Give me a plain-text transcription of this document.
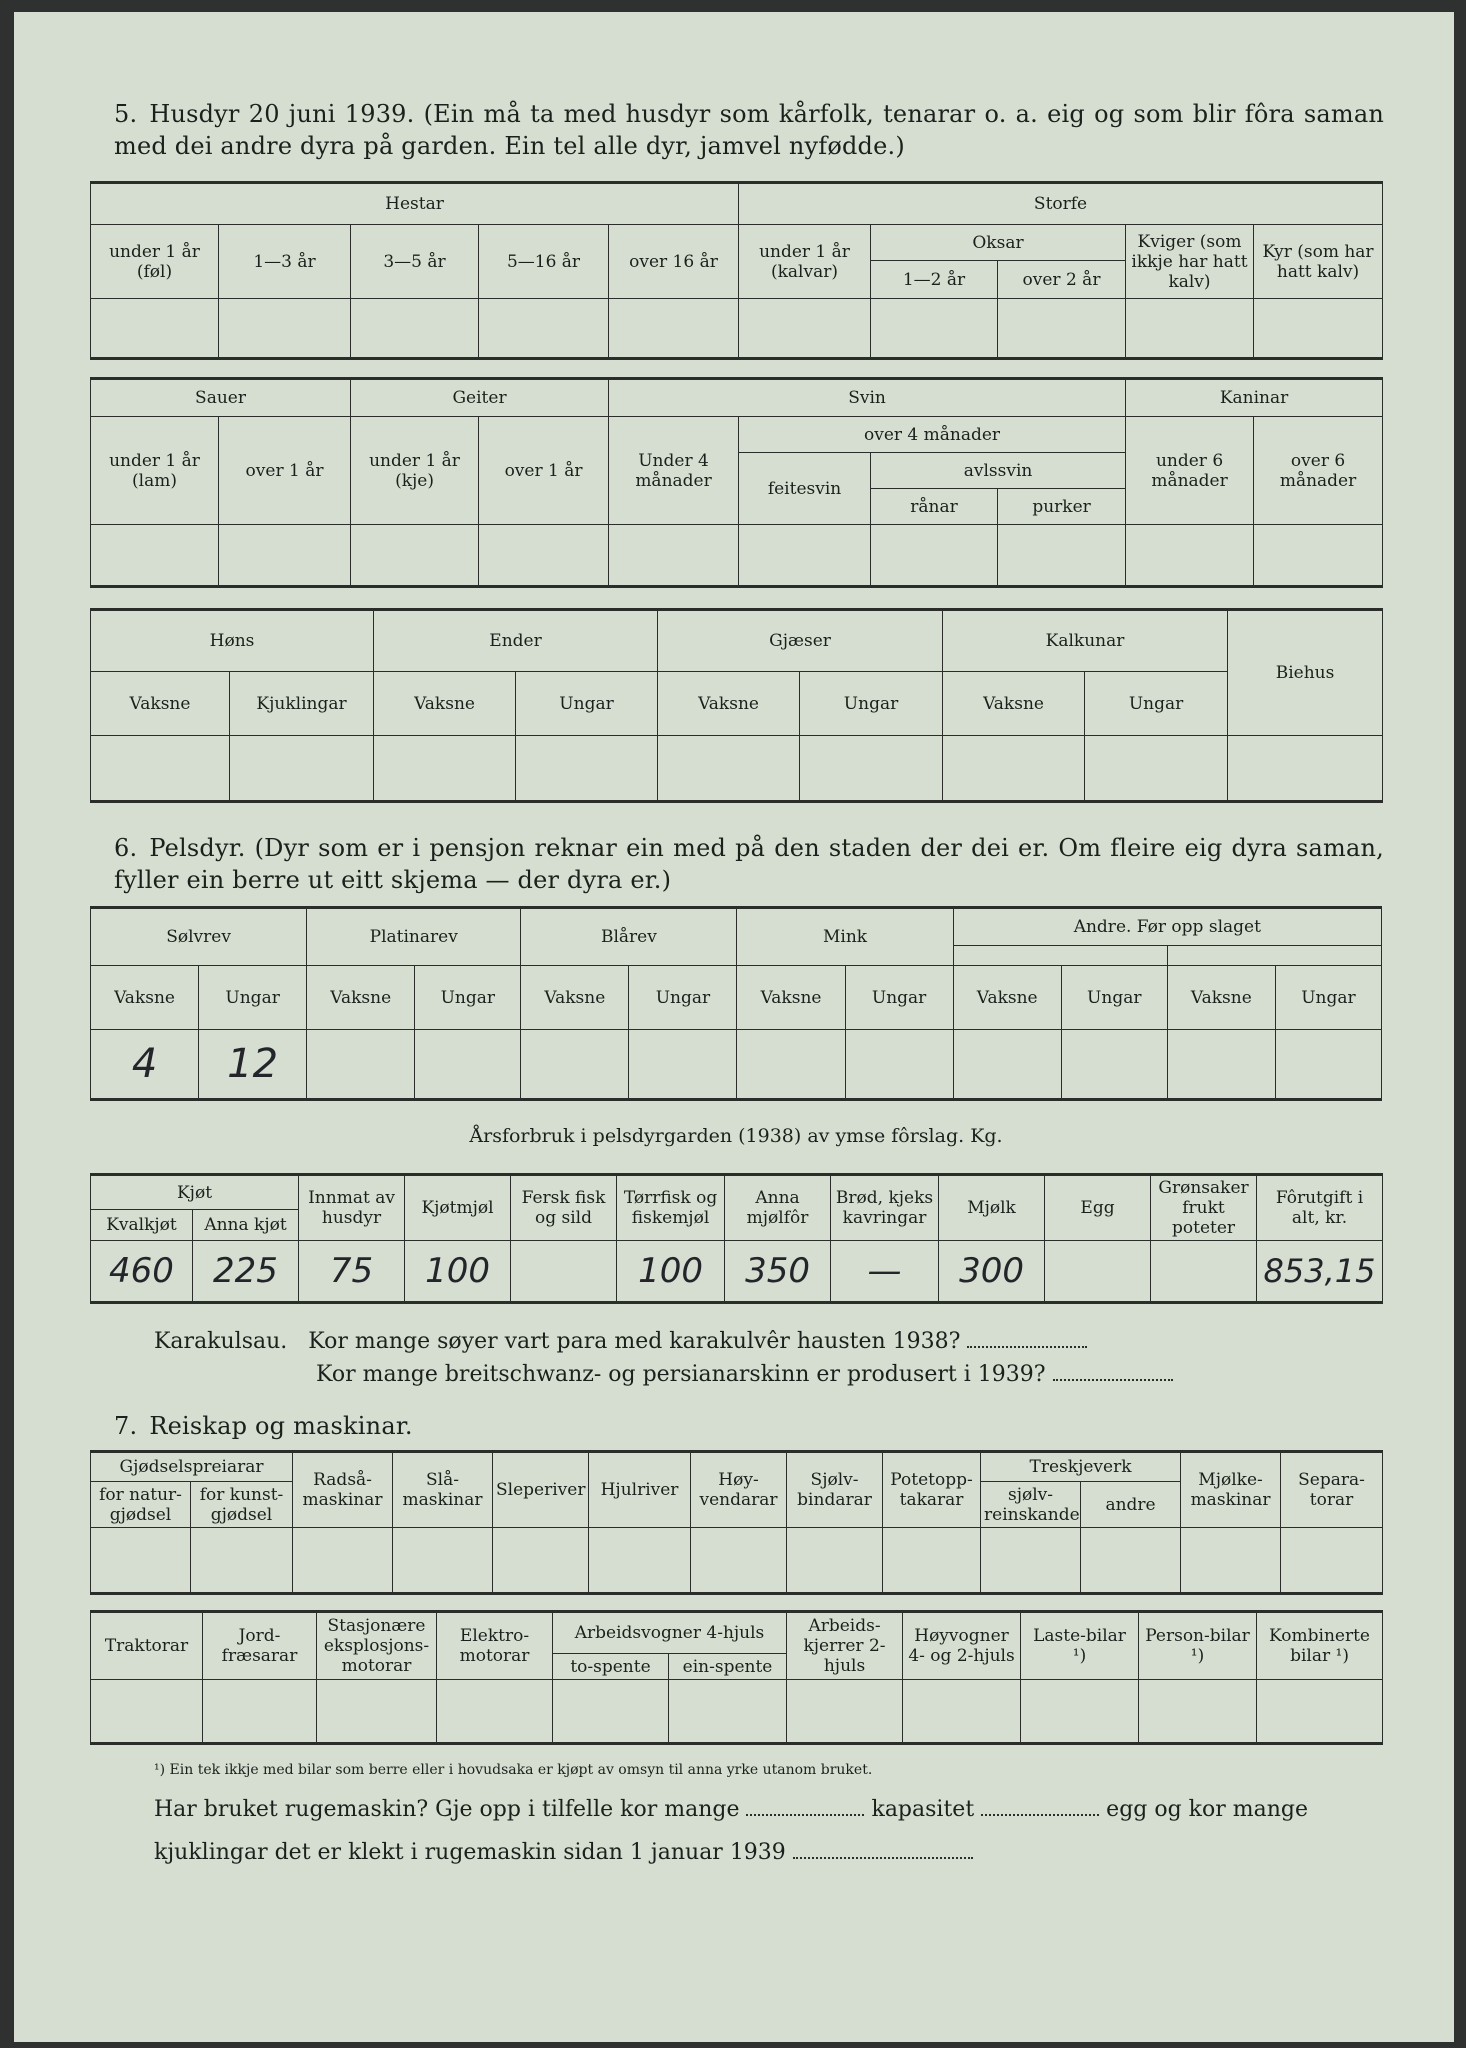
5. Husdyr 20 juni 1939. (Ein må ta med husdyr som kårfolk, tenarar o. a. eig og som blir fôra saman med dei andre dyra på garden. Ein tel alle dyr, jamvel nyfødde.)
Hestar					Storfe				
under 1 år (føl)	1—3 år	3—5 år	5—16 år	over 16 år	under 1 år (kalvar)	Oksar		Kviger (som ikkje har hatt kalv)	Kyr (som har hatt kalv)
						1—2 år	over 2 år		

Sauer		Geiter		Svin				Kaninar	
under 1 år (lam)	over 1 år	under 1 år (kje)	over 1 år	Under 4 månader	over 4 månader			under 6 månader	over 6 månader
					feitesvin	avlssvin			
						rånar	purker		

Høns		Ender		Gjæser		Kalkunar		Biehus
Vaksne	Kjuklingar	Vaksne	Ungar	Vaksne	Ungar	Vaksne	Ungar	

6. Pelsdyr. (Dyr som er i pensjon reknar ein med på den staden der dei er. Om fleire eig dyra saman, fyller ein berre ut eitt skjema — der dyra er.)
Sølvrev		Platinarev		Blårev		Mink		Andre. Før opp slaget			

Vaksne	Ungar	Vaksne	Ungar	Vaksne	Ungar	Vaksne	Ungar	Vaksne	Ungar	Vaksne	Ungar
4	12										
Årsforbruk i pelsdyrgarden (1938) av ymse fôrslag. Kg.
Kjøt		Innmat av husdyr	Kjøtmjøl	Fersk fisk og sild	Tørrfisk og fiskemjøl	Anna mjølfôr	Brød, kjeks kavringar	Mjølk	Egg	Grønsaker frukt poteter	Fôrutgift i alt, kr.
Kvalkjøt	Anna kjøt										
460	225	75	100		100	350	—	300			853,15
Karakulsau. Kor mange søyer vart para med karakulvêr hausten 1938?
Kor mange breitschwanz- og persianarskinn er produsert i 1939?
7. Reiskap og maskinar.
Gjødselspreiarar		Radså-maskinar	Slå-maskinar	Sleperiver	Hjulriver	Høy-vendarar	Sjølv-bindarar	Potetopp-takarar	Treskjeverk		Mjølke-maskinar	Separa-torar
for natur-gjødsel	for kunst-gjødsel								sjølv-reinskande	andre		

Traktorar	Jord-fræsarar	Stasjonære eksplosjons-motorar	Elektro-motorar	Arbeidsvogner 4-hjuls		Arbeids-kjerrer 2-hjuls	Høyvogner 4- og 2-hjuls	Laste-bilar ¹)	Person-bilar ¹)	Kombinerte bilar ¹)
				to-spente	ein-spente					

¹) Ein tek ikkje med bilar som berre eller i hovudsaka er kjøpt av omsyn til anna yrke utanom bruket.
Har bruket rugemaskin? Gje opp i tilfelle kor mange	kapasitet	egg og kor mange
kjuklingar det er klekt i rugemaskin sidan 1 januar 1939
